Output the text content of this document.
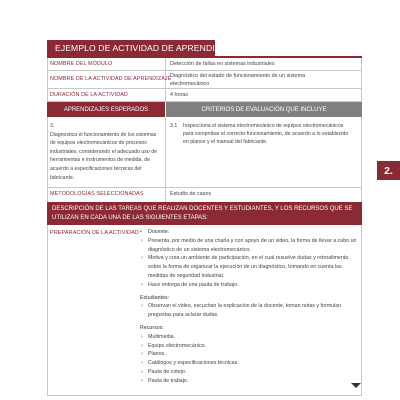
EJEMPLO DE ACTIVIDAD DE APRENDIZAJE
NOMBRE DEL MÓDULO	Detección de fallas en sistemas industriales
NOMBRE DE LA ACTIVIDAD DE APRENDIZAJE
Diagnóstico del estado de funcionamiento de un sistema electromecánico
DURACIÓN DE LA ACTIVIDAD	4 horas
APRENDIZAJES ESPERADOS	CRITERIOS DE EVALUACIÓN QUE INCLUYE
3.
Diagnostica el funcionamiento de los sistemas de equipos electromecánicos de procesos industriales, considerando el adecuado uso de herramientas e instrumentos de medida, de acuerdo a especificaciones técnicas del fabricante.
3.1 Inspecciona el sistema electromecánico de equipos electromecánicos para comprobar el correcto funcionamiento, de acuerdo a lo establecido en planos y el manual del fabricante.
METODOLOGÍAS SELECCIONADAS	Estudio de casos
DESCRIPCIÓN DE LAS TAREAS QUE REALIZAN DOCENTES Y ESTUDIANTES, Y LOS RECURSOS QUE SE UTILIZAN EN CADA UNA DE LAS SIGUIENTES ETAPAS:
PREPARACIÓN DE LA ACTIVIDAD
•	Docente:
› Presenta, por medio de una charla y con apoyo de un video, la forma de llevar a cabo un diagnóstico de un sistema electromecánico.
› Motiva y crea un ambiente de participación, en el cual resuelve dudas y retroalimenta sobre la forma de organizar la ejecución de un diagnóstico, tomando en cuenta las medidas de seguridad industrial.
› Hace entrega de una pauta de trabajo.
Estudiantes:
› Observan el video, escuchan la explicación de la docente, toman notas y formulan preguntas para aclarar dudas.
Recursos:
› Multimedia.
› Equipo electromecánico.
› Planos.
› Catálogos y especificaciones técnicas.
› Pauta de cotejo.
› Pauta de trabajo.
2.
